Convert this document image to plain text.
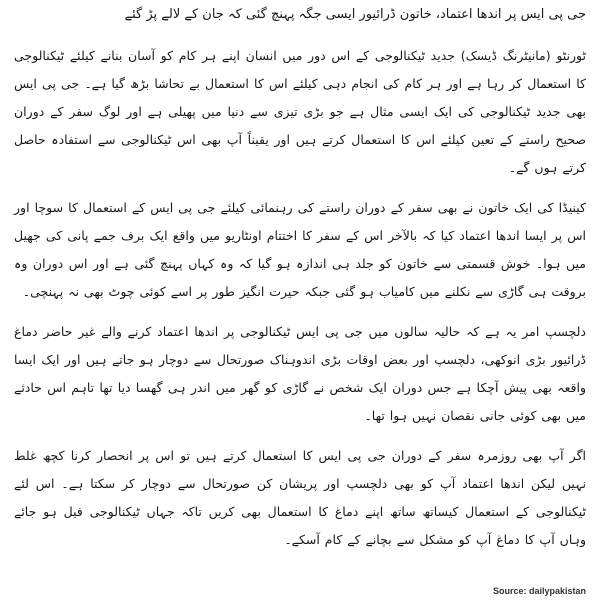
جی پی ایس پر اندھا اعتماد، خاتون ڈرائیور ایسی جگہ پہنچ گئی کہ جان کے لالے پڑ گئے

ٹورنٹو (مانیٹرنگ ڈیسک) جدید ٹیکنالوجی کے اس دور میں انسان اپنے ہر کام کو آسان بنانے کیلئے ٹیکنالوجی کا استعمال کر رہا ہے اور ہر کام کی انجام دہی کیلئے اس کا استعمال بے تحاشا بڑھ گیا ہے۔ جی پی ایس بھی جدید ٹیکنالوجی کی ایک ایسی مثال ہے جو بڑی تیزی سے دنیا میں پھیلی ہے اور لوگ سفر کے دوران صحیح راستے کے تعین کیلئے اس کا استعمال کرتے ہیں اور یقیناً آپ بھی اس ٹیکنالوجی سے استفادہ حاصل کرتے ہوں گے۔

کینیڈا کی ایک خاتون نے بھی سفر کے دوران راستے کی رہنمائی کیلئے جی پی ایس کے استعمال کا سوچا اور اس پر ایسا اندھا اعتماد کیا کہ بالآخر اس کے سفر کا اختتام اونٹاریو میں واقع ایک برف جمے پانی کی جھیل میں ہوا۔ خوش قسمتی سے خاتون کو جلد ہی اندازہ ہو گیا کہ وہ کہاں پہنچ گئی ہے اور اس دوران وہ بروقت ہی گاڑی سے نکلنے میں کامیاب ہو گئی جبکہ حیرت انگیز طور پر اسے کوئی چوٹ بھی نہ پہنچی۔

دلچسپ امر یہ ہے کہ حالیہ سالوں میں جی پی ایس ٹیکنالوجی پر اندھا اعتماد کرنے والے غیر حاضر دماغ ڈرائیور بڑی انوکھی، دلچسپ اور بعض اوقات بڑی اندوہناک صورتحال سے دوچار ہو جاتے ہیں اور ایک ایسا واقعہ بھی پیش آچکا ہے جس دوران ایک شخص نے گاڑی کو گھر میں اندر ہی گھسا دیا تھا تاہم اس حادثے میں بھی کوئی جانی نقصان نہیں ہوا تھا۔

اگر آپ بھی روزمرہ سفر کے دوران جی پی ایس کا استعمال کرتے ہیں تو اس پر انحصار کرنا کچھ غلط نہیں لیکن اندھا اعتماد آپ کو بھی دلچسپ اور پریشان کن صورتحال سے دوچار کر سکتا ہے۔ اس لئے ٹیکنالوجی کے استعمال کیساتھ ساتھ اپنے دماغ کا استعمال بھی کریں تاکہ جہاں ٹیکنالوجی فیل ہو جائے وہاں آپ کا دماغ آپ کو مشکل سے بچانے کے کام آسکے۔

Source: dailypakistan
